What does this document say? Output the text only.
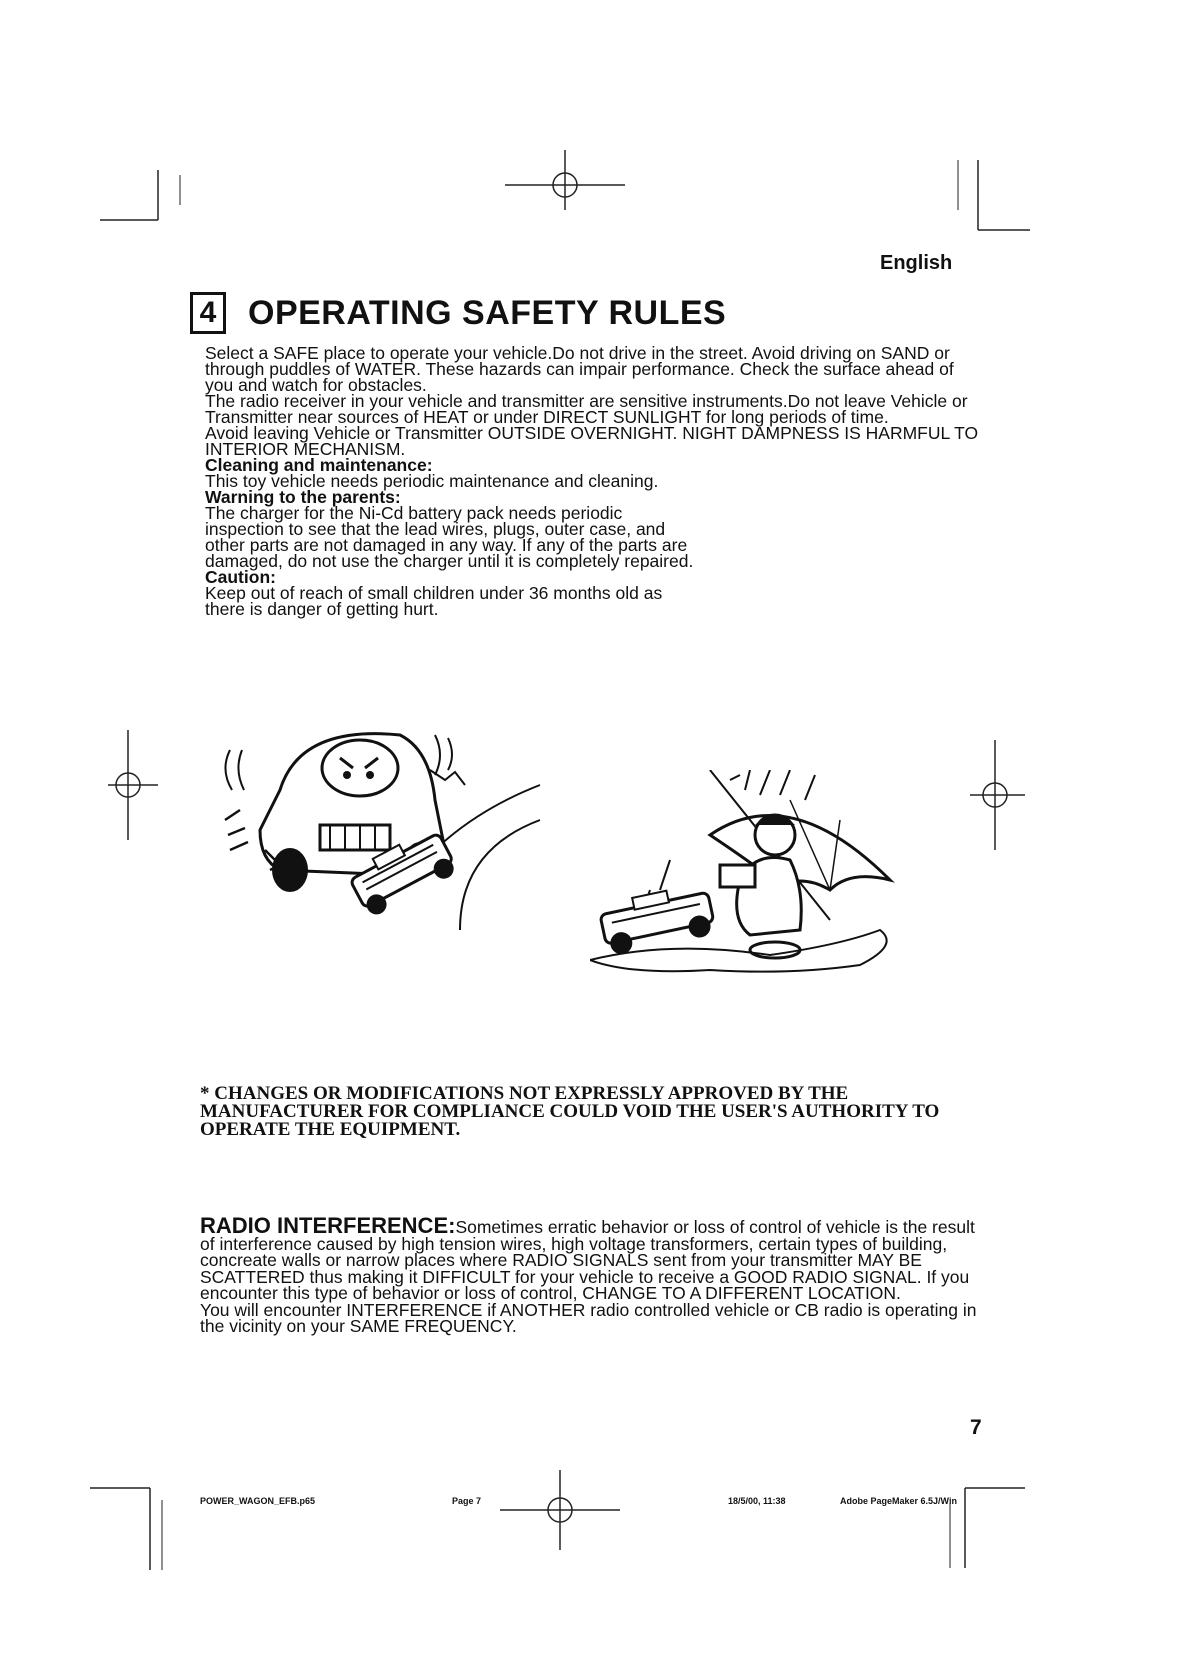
English
4 OPERATING SAFETY RULES

Select a SAFE place to operate your vehicle.Do not drive in the street. Avoid driving on SAND or through puddles of WATER. These hazards can impair performance. Check the surface ahead of you and watch for obstacles.

The radio receiver in your vehicle and transmitter are sensitive instruments.Do not leave Vehicle or Transmitter near sources of HEAT or under DIRECT SUNLIGHT for long periods of time.

Avoid leaving Vehicle or Transmitter OUTSIDE OVERNIGHT. NIGHT DAMPNESS IS HARMFUL TO INTERIOR MECHANISM.

Cleaning and maintenance:

This toy vehicle needs periodic maintenance and cleaning.

Warning to the parents:

The charger for the Ni-Cd battery pack needs periodic inspection to see that the lead wires, plugs, outer case, and other parts are not damaged in any way. If any of the parts are damaged, do not use the charger until it is completely repaired.

Caution:

Keep out of reach of small children under 36 months old as there is danger of getting hurt.

* CHANGES OR MODIFICATIONS NOT EXPRESSLY APPROVED BY THE MANUFACTURER FOR COMPLIANCE COULD VOID THE USER'S AUTHORITY TO OPERATE THE EQUIPMENT.

RADIO INTERFERENCE:Sometimes erratic behavior or loss of control of vehicle is the result of interference caused by high tension wires, high voltage transformers, certain types of building, concreate walls or narrow places where RADIO SIGNALS sent from your transmitter MAY BE SCATTERED thus making it DIFFICULT for your vehicle to receive a GOOD RADIO SIGNAL. If you encounter this type of behavior or loss of control, CHANGE TO A DIFFERENT LOCATION.

You will encounter INTERFERENCE if ANOTHER radio controlled vehicle or CB radio is operating in the vicinity on your SAME FREQUENCY.

7
POWER_WAGON_EFB.p65	Page 7	18/5/00, 11:38	Adobe PageMaker 6.5J/Win
